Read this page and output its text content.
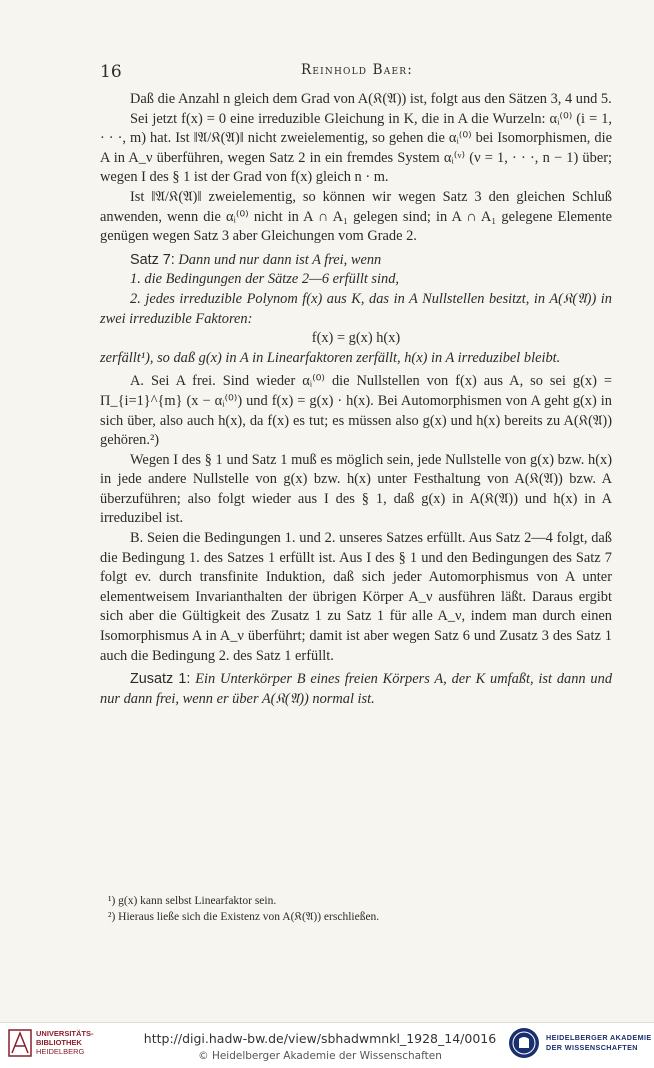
16	Reinhold Baer:

Daß die Anzahl n gleich dem Grad von A(𝔎(𝔄)) ist, folgt aus den Sätzen 3, 4 und 5.

Sei jetzt f(x) = 0 eine irreduzible Gleichung in K, die in A die Wurzeln: αᵢ⁽⁰⁾ (i = 1, · · ·, m) hat. Ist ‖𝔄/𝔎(𝔄)‖ nicht zweielementig, so gehen die αᵢ⁽⁰⁾ bei Isomorphismen, die A in A_ν überführen, wegen Satz 2 in ein fremdes System αᵢ⁽ᵛ⁾ (ν = 1, · · ·, n − 1) über; wegen I des § 1 ist der Grad von f(x) gleich n · m.

Ist ‖𝔄/𝔎(𝔄)‖ zweielementig, so können wir wegen Satz 3 den gleichen Schluß anwenden, wenn die αᵢ⁽⁰⁾ nicht in A ∩ A₁ gelegen sind; in A ∩ A₁ gelegene Elemente genügen wegen Satz 3 aber Gleichungen vom Grade 2.

Satz 7: Dann und nur dann ist A frei, wenn

1. die Bedingungen der Sätze 2—6 erfüllt sind,

2. jedes irreduzible Polynom f(x) aus K, das in A Nullstellen besitzt, in A(𝔎(𝔄)) in zwei irreduzible Faktoren:

f(x) = g(x) h(x)

zerfällt¹), so daß g(x) in A in Linearfaktoren zerfällt, h(x) in A irreduzibel bleibt.

A. Sei A frei. Sind wieder αᵢ⁽⁰⁾ die Nullstellen von f(x) aus A, so sei g(x) = Π_{i=1}^{m} (x − αᵢ⁽⁰⁾) und f(x) = g(x) · h(x). Bei Automorphismen von A geht g(x) in sich über, also auch h(x), da f(x) es tut; es müssen also g(x) und h(x) bereits zu A(𝔎(𝔄)) gehören.²)

Wegen I des § 1 und Satz 1 muß es möglich sein, jede Nullstelle von g(x) bzw. h(x) in jede andere Nullstelle von g(x) bzw. h(x) unter Festhaltung von A(𝔎(𝔄)) bzw. A überzuführen; also folgt wieder aus I des § 1, daß g(x) in A(𝔎(𝔄)) und h(x) in A irreduzibel ist.

B. Seien die Bedingungen 1. und 2. unseres Satzes erfüllt. Aus Satz 2—4 folgt, daß die Bedingung 1. des Satzes 1 erfüllt ist. Aus I des § 1 und den Bedingungen des Satz 7 folgt ev. durch transfinite Induktion, daß sich jeder Automorphismus von A unter elementweisem Invarianthalten der übrigen Körper A_ν ausführen läßt. Daraus ergibt sich aber die Gültigkeit des Zusatz 1 zu Satz 1 für alle A_ν, indem man durch einen Isomorphismus A in A_ν überführt; damit ist aber wegen Satz 6 und Zusatz 3 des Satz 1 auch die Bedingung 2. des Satz 1 erfüllt.

Zusatz 1: Ein Unterkörper B eines freien Körpers A, der K umfaßt, ist dann und nur dann frei, wenn er über A(𝔎(𝔄)) normal ist.

¹) g(x) kann selbst Linearfaktor sein.

²) Hieraus ließe sich die Existenz von A(𝔎(𝔄)) erschließen.

UNIVERSITÄTS-
BIBLIOTHEK
HEIDELBERG
http://digi.hadw-bw.de/view/sbhadwmnkl_1928_14/0016
© Heidelberger Akademie der Wissenschaften
HEIDELBERGER AKADEMIE
DER WISSENSCHAFTEN
